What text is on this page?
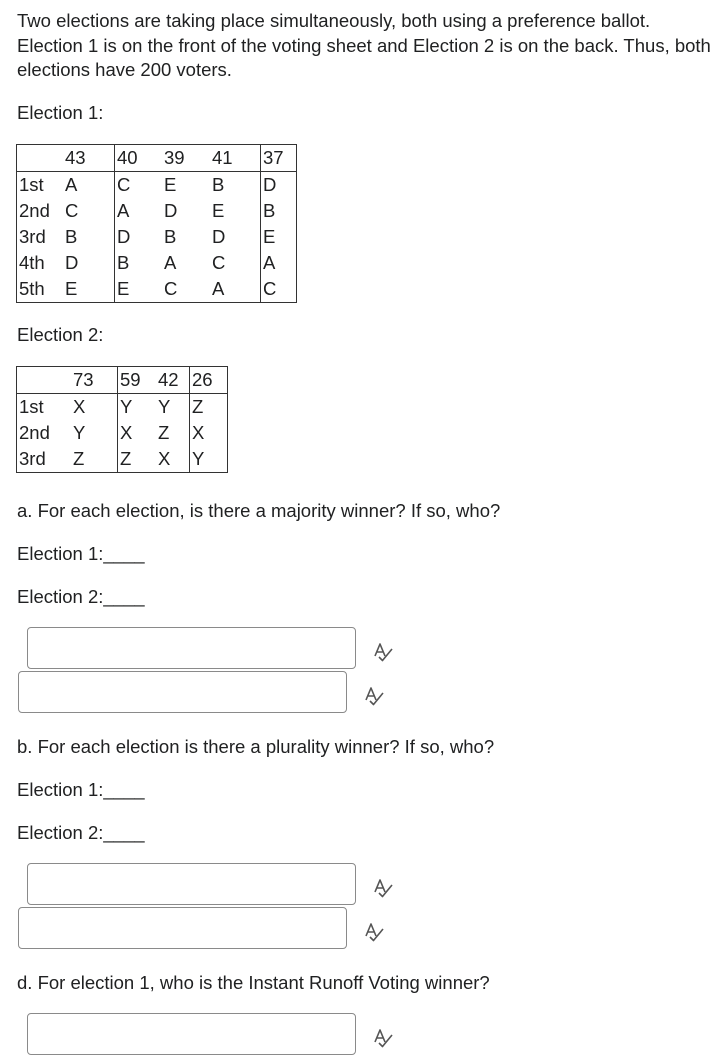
Two elections are taking place simultaneously, both using a preference ballot. Election 1 is on the front of the voting sheet and Election 2 is on the back. Thus, both elections have 200 voters.

Election 1:

	43	40	39	41	37
1st	A	C	E	B	D
2nd	C	A	D	E	B
3rd	B	D	B	D	E
4th	D	B	A	C	A
5th	E	E	C	A	C

Election 2:

	73	59	42	26
1st	X	Y	Y	Z
2nd	Y	X	Z	X
3rd	Z	Z	X	Y

a. For each election, is there a majority winner? If so, who?

Election 1:____

Election 2:____

b. For each election is there a plurality winner? If so, who?

Election 1:____

Election 2:____

d. For election 1, who is the Instant Runoff Voting winner?
